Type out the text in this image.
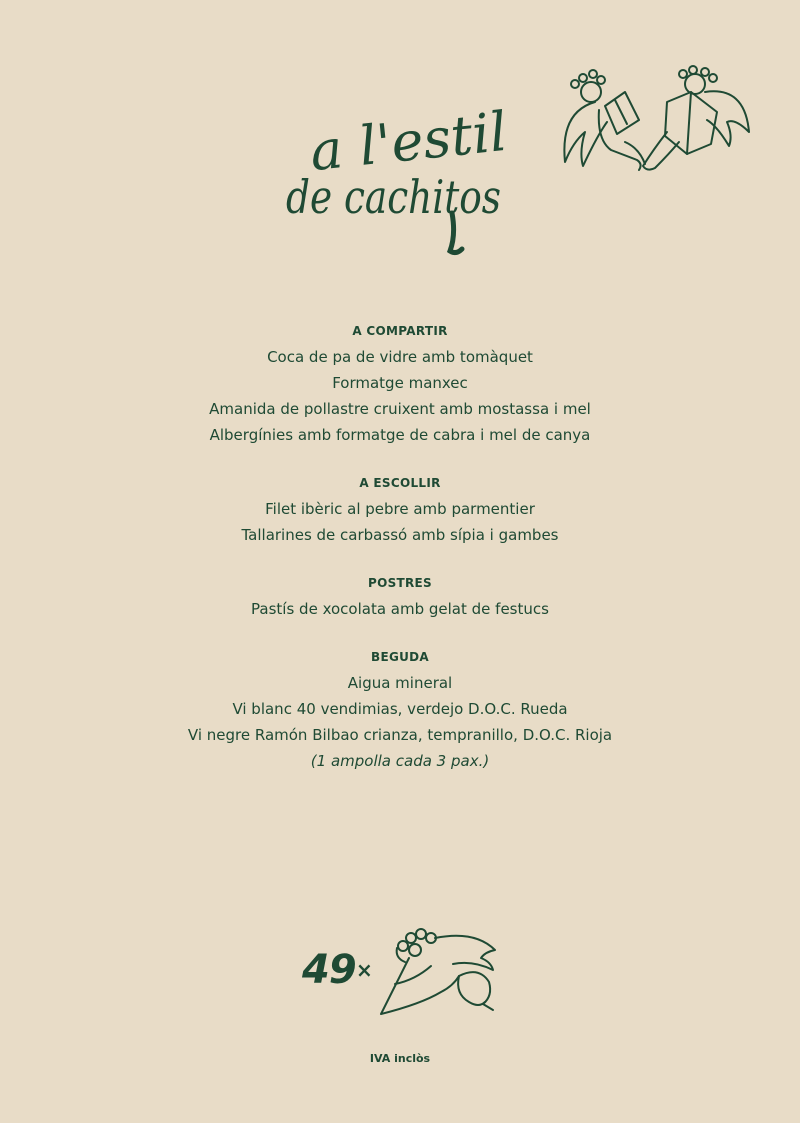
a l'estil
de cachitos
A COMPARTIR
Coca de pa de vidre amb tomàquet
Formatge manxec
Amanida de pollastre cruixent amb mostassa i mel
Albergínies amb formatge de cabra i mel de canya
A ESCOLLIR
Filet ibèric al pebre amb parmentier
Tallarines de carbassó amb sípia i gambes
POSTRES
Pastís de xocolata amb gelat de festucs
BEGUDA
Aigua mineral
Vi blanc 40 vendimias, verdejo D.O.C. Rueda
Vi negre Ramón Bilbao crianza, tempranillo, D.O.C. Rioja
(1 ampolla cada 3 pax.)
49 ×
IVA inclòs
